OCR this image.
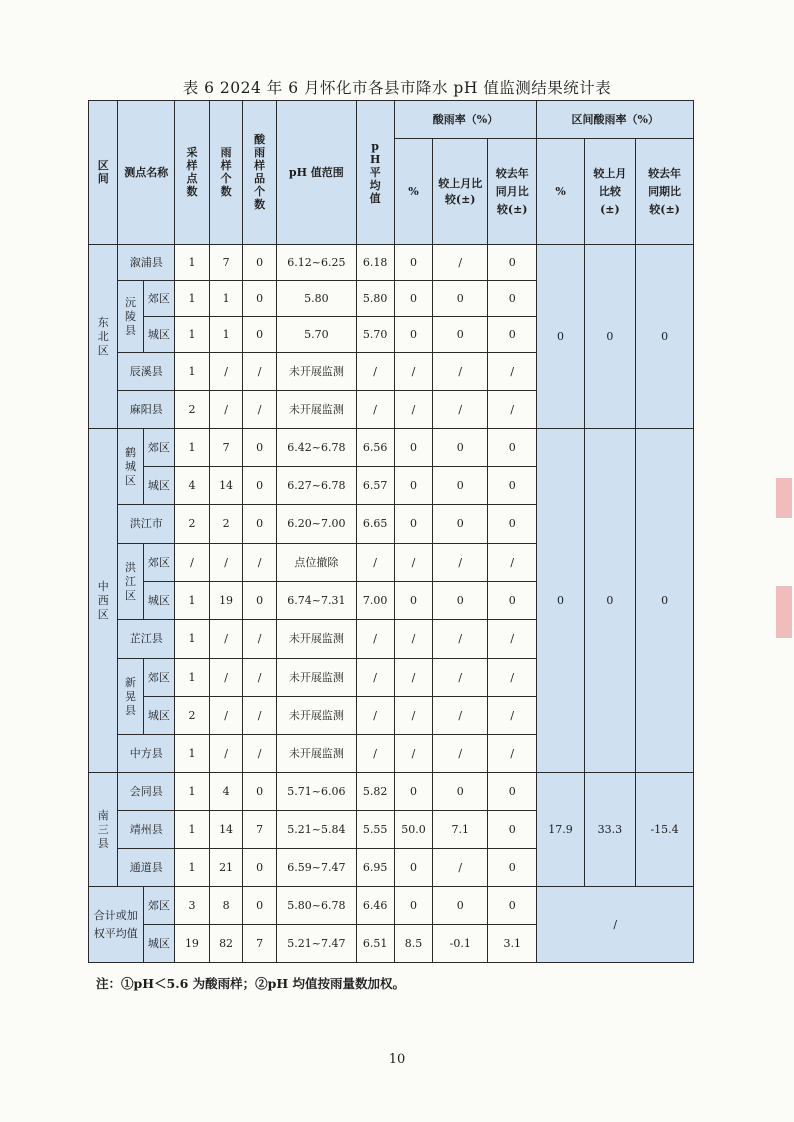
表 6 2024 年 6 月怀化市各县市降水 pH 值监测结果统计表
区间	测点名称		采样点数	雨样个数	酸雨样品个数	pH 值范围	pH平均值	酸雨率（%）			区间酸雨率（%）		
								%	较上月比较(±)	较去年同月比较(±)	%	较上月比较(±)	较去年同期比较(±)

东北区	溆浦县		1	7	0	6.12~6.25	6.18	0	/	0	0	0	0
	沅陵县	郊区	1	1	0	5.80	5.80	0	0	0			
		城区	1	1	0	5.70	5.70	0	0	0			
	辰溪县		1	/	/	未开展监测	/	/	/	/			
	麻阳县		2	/	/	未开展监测	/	/	/	/			
中西区	鹤城区	郊区	1	7	0	6.42~6.78	6.56	0	0	0	0	0	0
		城区	4	14	0	6.27~6.78	6.57	0	0	0			
	洪江市		2	2	0	6.20~7.00	6.65	0	0	0			
	洪江区	郊区	/	/	/	点位撤除	/	/	/	/			
		城区	1	19	0	6.74~7.31	7.00	0	0	0			
	芷江县		1	/	/	未开展监测	/	/	/	/			
	新晃县	郊区	1	/	/	未开展监测	/	/	/	/			
		城区	2	/	/	未开展监测	/	/	/	/			
	中方县		1	/	/	未开展监测	/	/	/	/			
南三县	会同县		1	4	0	5.71~6.06	5.82	0	0	0	17.9	33.3	-15.4
	靖州县		1	14	7	5.21~5.84	5.55	50.0	7.1	0			
	通道县		1	21	0	6.59~7.47	6.95	0	/	0			
合计或加权平均值		郊区	3	8	0	5.80~6.78	6.46	0	0	0	/		
		城区	19	82	7	5.21~7.47	6.51	8.5	-0.1	3.1			
注：①pH＜5.6 为酸雨样；②pH 均值按雨量数加权。
10
